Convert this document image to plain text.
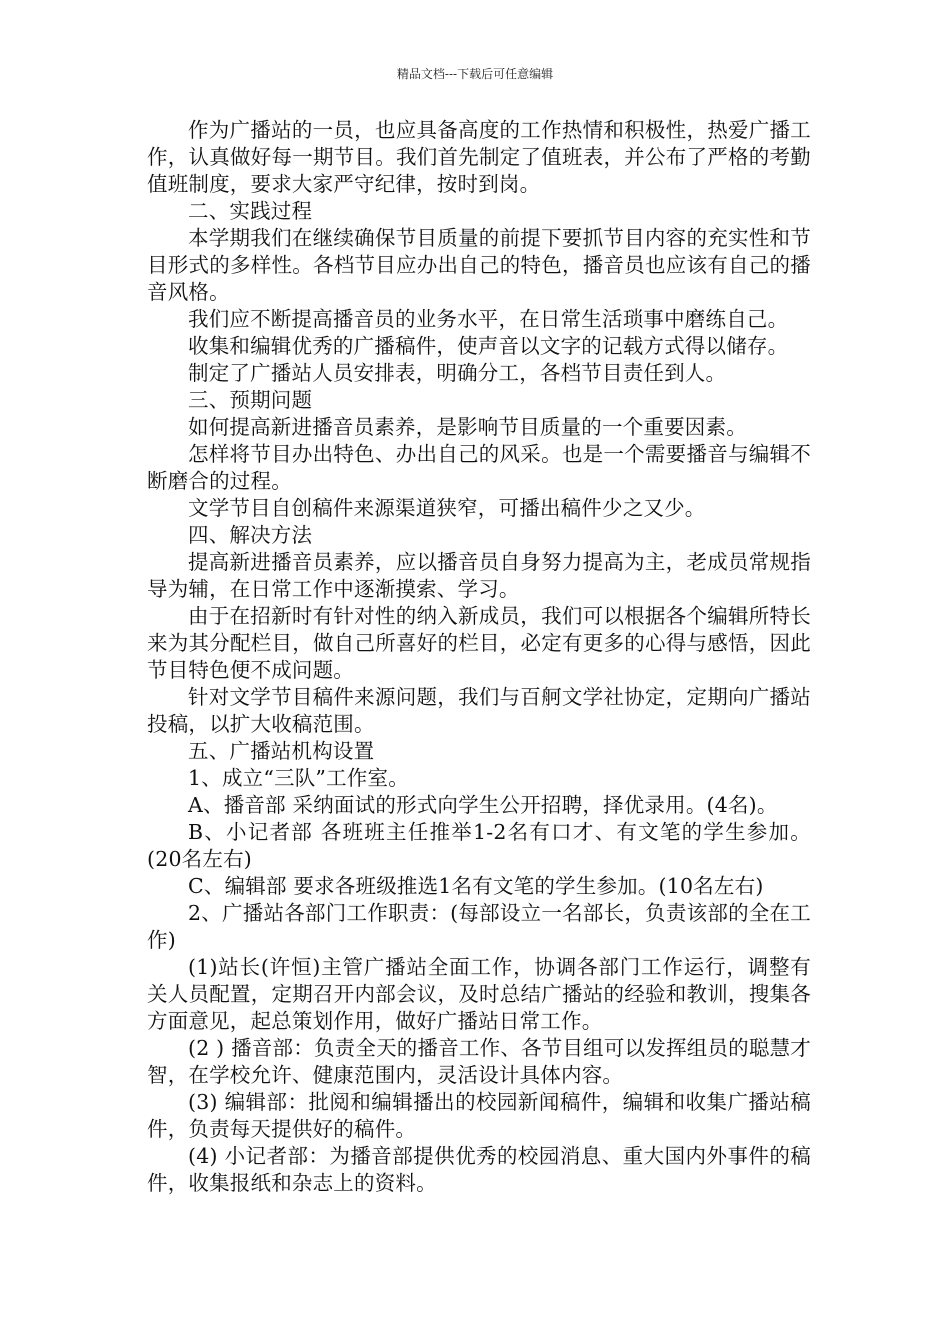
精品文档---下载后可任意编辑

作为广播站的一员，也应具备高度的工作热情和积极性，热爱广播工作，认真做好每一期节目。我们首先制定了值班表，并公布了严格的考勤值班制度，要求大家严守纪律，按时到岗。

二、实践过程

本学期我们在继续确保节目质量的前提下要抓节目内容的充实性和节目形式的多样性。各档节目应办出自己的特色，播音员也应该有自己的播音风格。

我们应不断提高播音员的业务水平，在日常生活琐事中磨练自己。

收集和编辑优秀的广播稿件，使声音以文字的记载方式得以储存。

制定了广播站人员安排表，明确分工，各档节目责任到人。

三、预期问题

如何提高新进播音员素养，是影响节目质量的一个重要因素。

怎样将节目办出特色、办出自己的风采。也是一个需要播音与编辑不断磨合的过程。

文学节目自创稿件来源渠道狭窄，可播出稿件少之又少。

四、解决方法

提高新进播音员素养，应以播音员自身努力提高为主，老成员常规指导为辅，在日常工作中逐渐摸索、学习。

由于在招新时有针对性的纳入新成员，我们可以根据各个编辑所特长来为其分配栏目，做自己所喜好的栏目，必定有更多的心得与感悟，因此节目特色便不成问题。

针对文学节目稿件来源问题，我们与百舸文学社协定，定期向广播站投稿，以扩大收稿范围。

五、广播站机构设置

1、成立“三队”工作室。

A、播音部 采纳面试的形式向学生公开招聘，择优录用。(4名)。

B、小记者部 各班班主任推举1-2名有口才、有文笔的学生参加。(20名左右)

C、编辑部 要求各班级推选1名有文笔的学生参加。(10名左右)

2、广播站各部门工作职责：(每部设立一名部长，负责该部的全在工作)

(1)站长(许恒)主管广播站全面工作，协调各部门工作运行，调整有关人员配置，定期召开内部会议，及时总结广播站的经验和教训，搜集各方面意见，起总策划作用，做好广播站日常工作。

(2 ) 播音部：负责全天的播音工作、各节目组可以发挥组员的聪慧才智，在学校允许、健康范围内，灵活设计具体内容。

(3) 编辑部：批阅和编辑播出的校园新闻稿件，编辑和收集广播站稿件，负责每天提供好的稿件。

(4) 小记者部：为播音部提供优秀的校园消息、重大国内外事件的稿件，收集报纸和杂志上的资料。
